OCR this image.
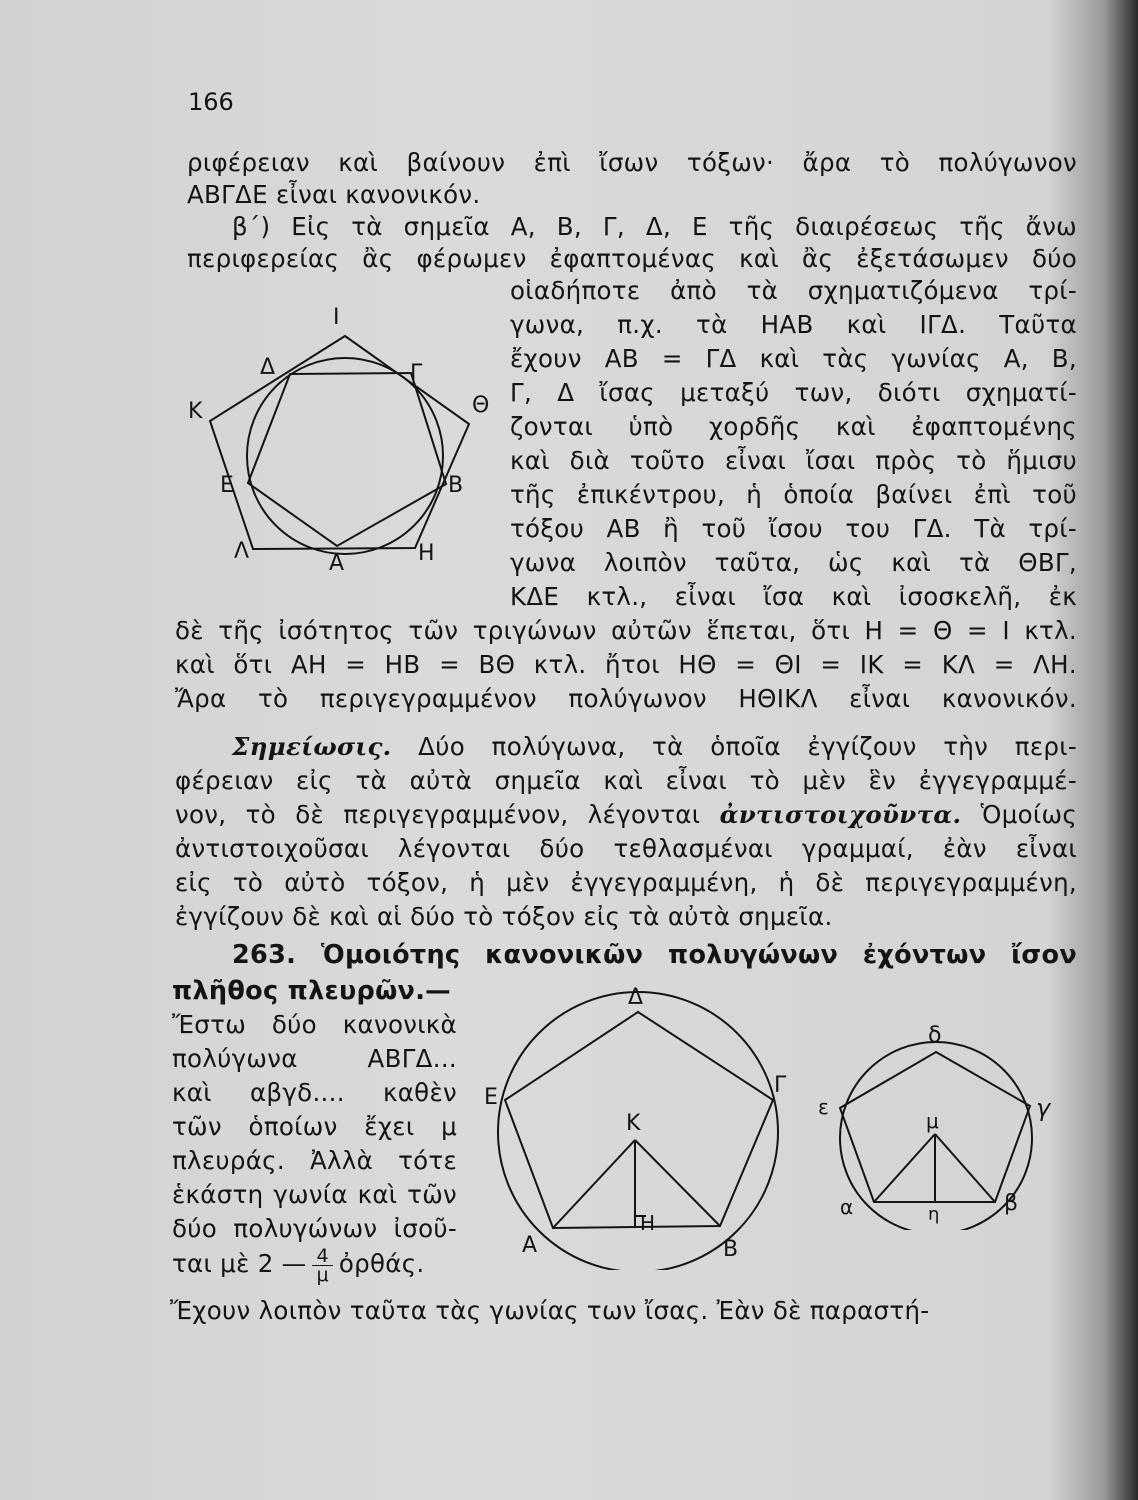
166
ριφέρειαν καὶ βαίνουν ἐπὶ ἴσων τόξων· ἄρα τὸ πολύγωνον
ΑΒΓΔΕ εἶναι κανονικόν.
β΄) Εἰς τὰ σημεῖα Α, Β, Γ, Δ, Ε τῆς διαιρέσεως τῆς ἄνω
περιφερείας ἂς φέρωμεν ἐφαπτομένας καὶ ἂς ἐξετάσωμεν δύο
οἱαδήποτε ἀπὸ τὰ σχηματιζόμενα τρί-
γωνα, π.χ. τὰ ΗΑΒ καὶ ΙΓΔ. Ταῦτα
ἔχουν ΑΒ = ΓΔ καὶ τὰς γωνίας Α, Β,
Γ, Δ ἴσας μεταξύ των, διότι σχηματί-
ζονται ὑπὸ χορδῆς καὶ ἐφαπτομένης
καὶ διὰ τοῦτο εἶναι ἴσαι πρὸς τὸ ἥμισυ
τῆς ἐπικέντρου, ἡ ὁποία βαίνει ἐπὶ τοῦ
τόξου ΑΒ ἢ τοῦ ἴσου του ΓΔ. Τὰ τρί-
γωνα λοιπὸν ταῦτα, ὡς καὶ τὰ ΘΒΓ,
ΚΔΕ κτλ., εἶναι ἴσα καὶ ἰσοσκελῆ, ἐκ
δὲ τῆς ἰσότητος τῶν τριγώνων αὐτῶν ἕπεται, ὅτι Η = Θ = Ι κτλ.
καὶ ὅτι ΑΗ = ΗΒ = ΒΘ κτλ. ἤτοι ΗΘ = ΘΙ = ΙΚ = ΚΛ = ΛΗ.
Ἄρα τὸ περιγεγραμμένον πολύγωνον ΗΘΙΚΛ εἶναι κανονικόν.
Σημείωσις. Δύο πολύγωνα, τὰ ὁποῖα ἐγγίζουν τὴν περι-
φέρειαν εἰς τὰ αὐτὰ σημεῖα καὶ εἶναι τὸ μὲν ἓν ἐγγεγραμμέ-
νον, τὸ δὲ περιγεγραμμένον, λέγονται ἀντιστοιχοῦντα. Ὁμοίως
ἀντιστοιχοῦσαι λέγονται δύο τεθλασμέναι γραμμαί, ἐὰν εἶναι
εἰς τὸ αὐτὸ τόξον, ἡ μὲν ἐγγεγραμμένη, ἡ δὲ περιγεγραμμένη,
ἐγγίζουν δὲ καὶ αἱ δύο τὸ τόξον εἰς τὰ αὐτὰ σημεῖα.
263. Ὁμοιότης κανονικῶν πολυγώνων ἐχόντων ἴσον
πλῆθος πλευρῶν.—
Ἔστω δύο κανονικὰ
πολύγωνα ΑΒΓΔ...
καὶ αβγδ.... καθὲν
τῶν ὁποίων ἔχει μ
πλευράς. Ἀλλὰ τότε
ἑκάστη γωνία καὶ τῶν
δύο πολυγώνων ἰσοῦ-
ται μὲ 2 — $\frac{4}{\mu}$ ὀρθάς.
Ἔχουν λοιπὸν ταῦτα τὰς γωνίας των ἴσας. Ἐὰν δὲ παραστή-
I
Δ	Γ
K	Θ
E	B
Λ	A	H
Δ
Γ
E
K
H
A	B
δ
γ
ε
μ
α	β
η
